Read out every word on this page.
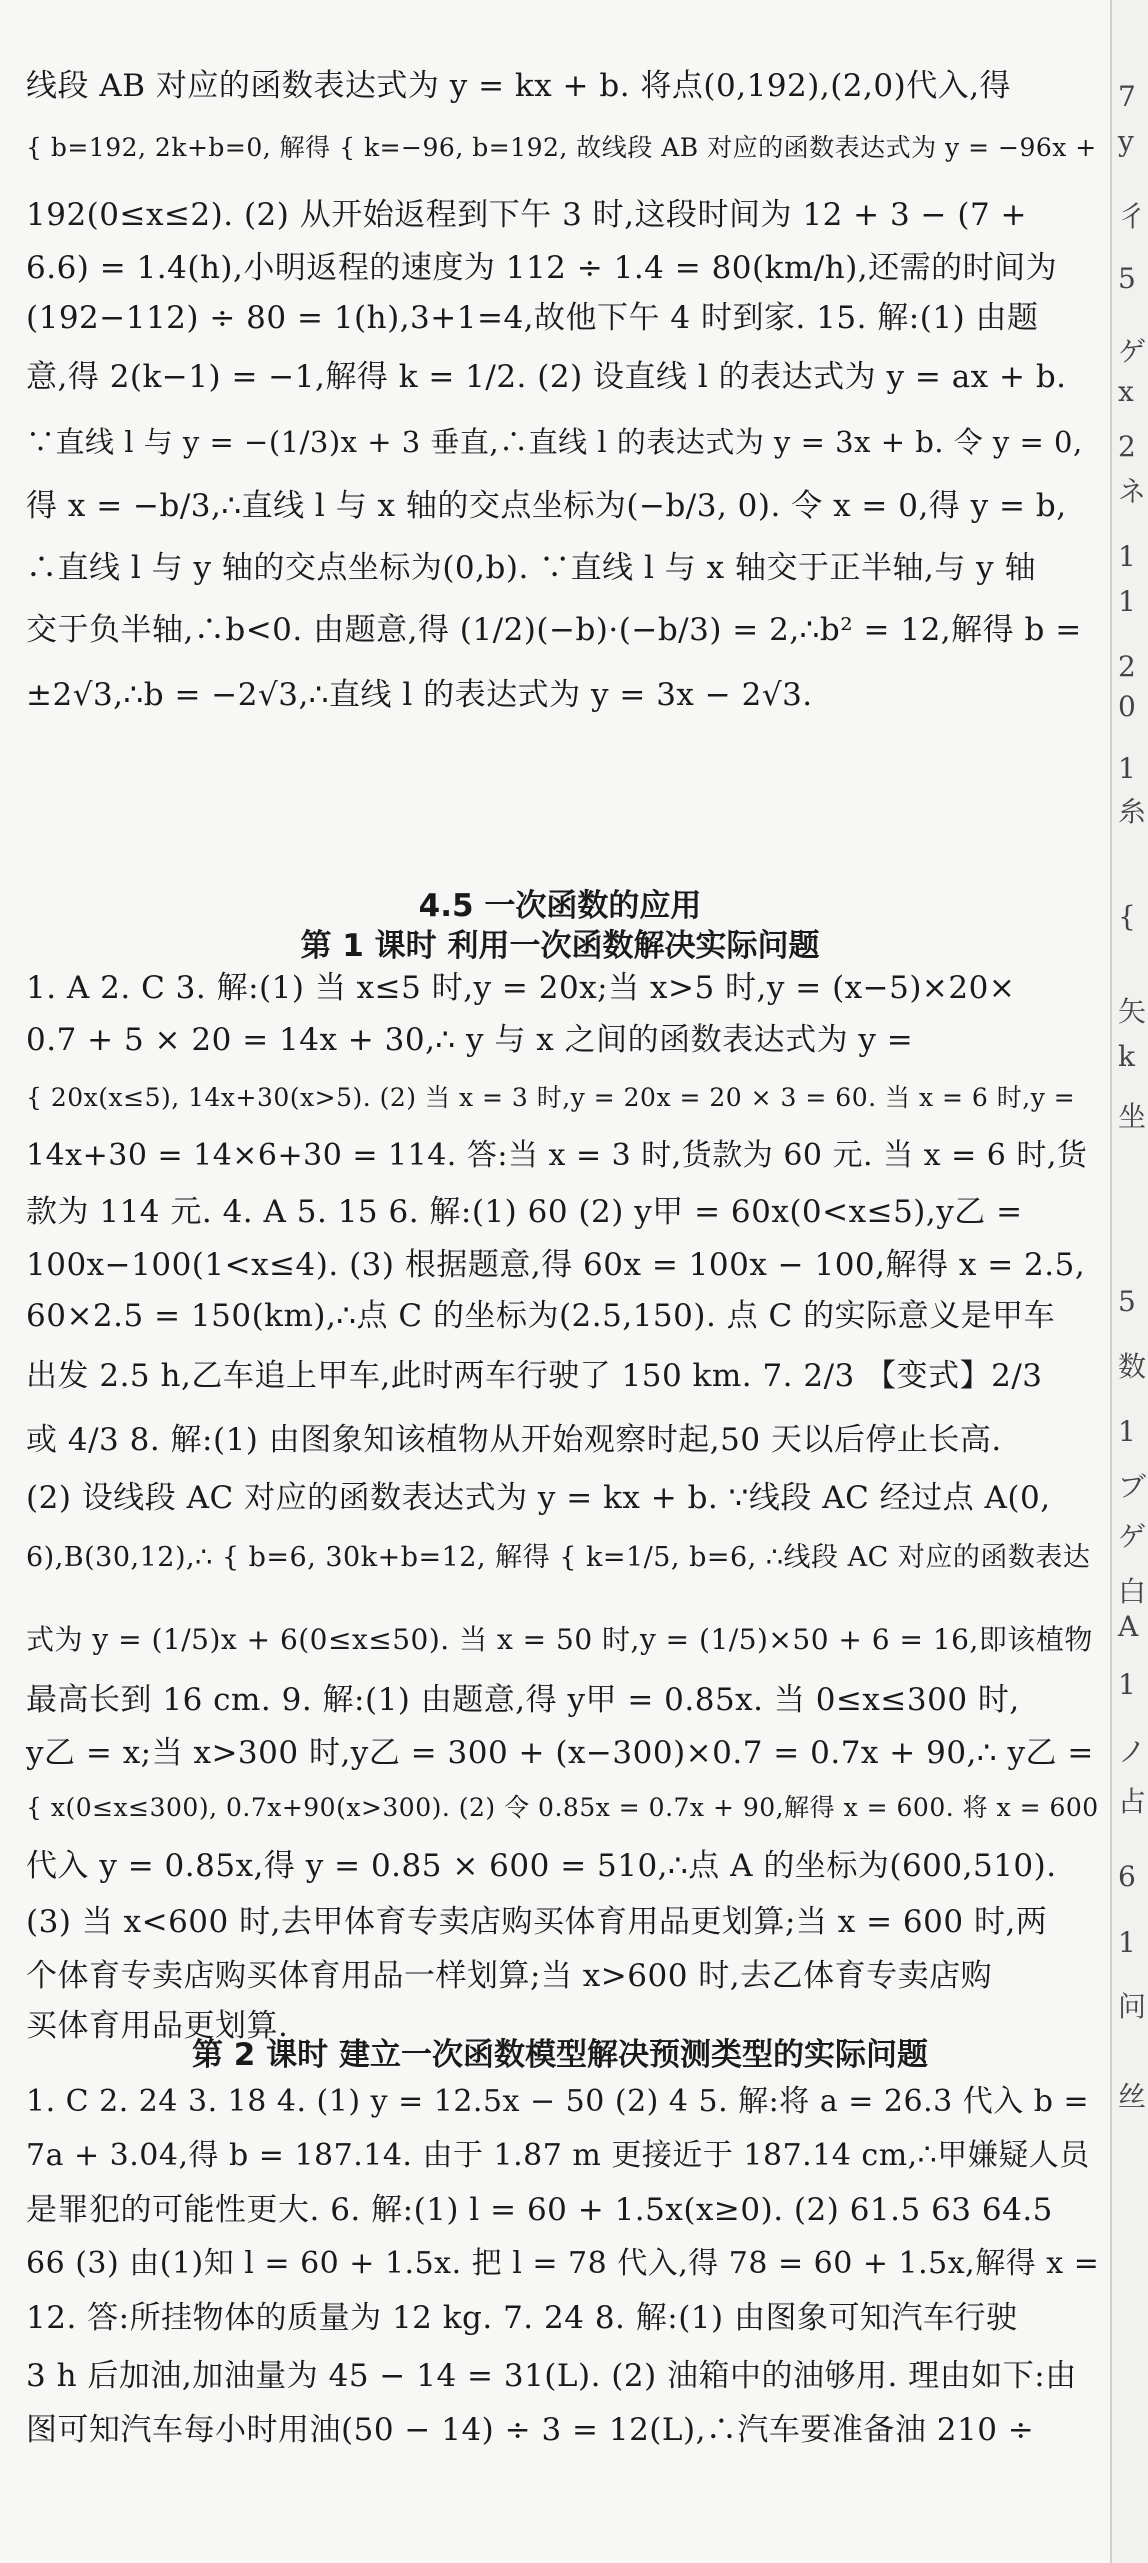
线段 AB 对应的函数表达式为 y = kx + b. 将点(0,192),(2,0)代入,得
{ b=192, 2k+b=0, 解得 { k=−96, b=192, 故线段 AB 对应的函数表达式为 y = −96x +
192(0≤x≤2). (2) 从开始返程到下午 3 时,这段时间为 12 + 3 − (7 +
6.6) = 1.4(h),小明返程的速度为 112 ÷ 1.4 = 80(km/h),还需的时间为
(192−112) ÷ 80 = 1(h),3+1=4,故他下午 4 时到家. 15. 解:(1) 由题
意,得 2(k−1) = −1,解得 k = 1/2. (2) 设直线 l 的表达式为 y = ax + b.
∵直线 l 与 y = −(1/3)x + 3 垂直,∴直线 l 的表达式为 y = 3x + b. 令 y = 0,
得 x = −b/3,∴直线 l 与 x 轴的交点坐标为(−b/3, 0). 令 x = 0,得 y = b,
∴直线 l 与 y 轴的交点坐标为(0,b). ∵直线 l 与 x 轴交于正半轴,与 y 轴
交于负半轴,∴b<0. 由题意,得 (1/2)(−b)·(−b/3) = 2,∴b² = 12,解得 b =
±2√3,∴b = −2√3,∴直线 l 的表达式为 y = 3x − 2√3.
4.5 一次函数的应用
第 1 课时 利用一次函数解决实际问题
1. A 2. C 3. 解:(1) 当 x≤5 时,y = 20x;当 x>5 时,y = (x−5)×20×
0.7 + 5 × 20 = 14x + 30,∴ y 与 x 之间的函数表达式为 y =
{ 20x(x≤5), 14x+30(x>5). (2) 当 x = 3 时,y = 20x = 20 × 3 = 60. 当 x = 6 时,y =
14x+30 = 14×6+30 = 114. 答:当 x = 3 时,货款为 60 元. 当 x = 6 时,货
款为 114 元. 4. A 5. 15 6. 解:(1) 60 (2) y甲 = 60x(0<x≤5),y乙 =
100x−100(1<x≤4). (3) 根据题意,得 60x = 100x − 100,解得 x = 2.5,
60×2.5 = 150(km),∴点 C 的坐标为(2.5,150). 点 C 的实际意义是甲车
出发 2.5 h,乙车追上甲车,此时两车行驶了 150 km. 7. 2/3 【变式】2/3
或 4/3 8. 解:(1) 由图象知该植物从开始观察时起,50 天以后停止长高.
(2) 设线段 AC 对应的函数表达式为 y = kx + b. ∵线段 AC 经过点 A(0,
6),B(30,12),∴ { b=6, 30k+b=12, 解得 { k=1/5, b=6, ∴线段 AC 对应的函数表达
式为 y = (1/5)x + 6(0≤x≤50). 当 x = 50 时,y = (1/5)×50 + 6 = 16,即该植物
最高长到 16 cm. 9. 解:(1) 由题意,得 y甲 = 0.85x. 当 0≤x≤300 时,
y乙 = x;当 x>300 时,y乙 = 300 + (x−300)×0.7 = 0.7x + 90,∴ y乙 =
{ x(0≤x≤300), 0.7x+90(x>300). (2) 令 0.85x = 0.7x + 90,解得 x = 600. 将 x = 600
代入 y = 0.85x,得 y = 0.85 × 600 = 510,∴点 A 的坐标为(600,510).
(3) 当 x<600 时,去甲体育专卖店购买体育用品更划算;当 x = 600 时,两
个体育专卖店购买体育用品一样划算;当 x>600 时,去乙体育专卖店购
买体育用品更划算.
第 2 课时 建立一次函数模型解决预测类型的实际问题
1. C 2. 24 3. 18 4. (1) y = 12.5x − 50 (2) 4 5. 解:将 a = 26.3 代入 b =
7a + 3.04,得 b = 187.14. 由于 1.87 m 更接近于 187.14 cm,∴甲嫌疑人员
是罪犯的可能性更大. 6. 解:(1) l = 60 + 1.5x(x≥0). (2) 61.5 63 64.5
66 (3) 由(1)知 l = 60 + 1.5x. 把 l = 78 代入,得 78 = 60 + 1.5x,解得 x =
12. 答:所挂物体的质量为 12 kg. 7. 24 8. 解:(1) 由图象可知汽车行驶
3 h 后加油,加油量为 45 − 14 = 31(L). (2) 油箱中的油够用. 理由如下:由
图可知汽车每小时用油(50 − 14) ÷ 3 = 12(L),∴汽车要准备油 210 ÷
7
y
彳
5
ゲ
x
2
ネ
1
1
2
0
1
糸
{
矢
k
坐
5
数
1
ブ
ゲ
白
A
1
ノ
占
6
1
问
丝
